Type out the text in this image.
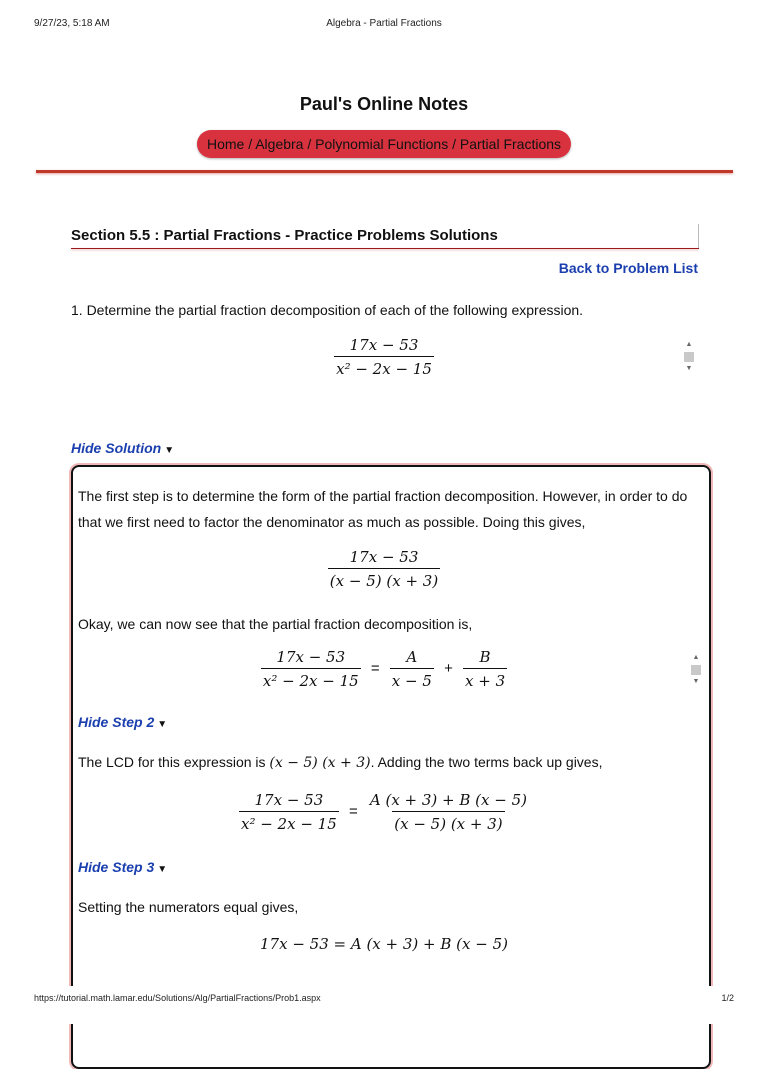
9/27/23, 5:18 AM	Algebra - Partial Fractions
Paul's Online Notes
Home / Algebra / Polynomial Functions / Partial Fractions
Section 5.5 : Partial Fractions - Practice Problems Solutions
Back to Problem List
1. Determine the partial fraction decomposition of each of the following expression.
$\frac{17x - 53}{\text{x² − 2x − 15}}$	▲
▼
Hide Solution ▼
The first step is to determine the form of the partial fraction decomposition. However, in order to do that we first need to factor the denominator as much as possible. Doing this gives,
$\frac{17x - 53}{(x - 5) (x + 3)}$
Okay, we can now see that the partial fraction decomposition is,
$\frac{17x - 53}{\text{x² − 2x − 15}} = \frac{A}{x - 5} + \frac{B}{x + 3}$	▲
▼
Hide Step 2 ▼
The LCD for this expression is (x − 5) (x + 3). Adding the two terms back up gives,
$\frac{17x - 53}{\text{x² − 2x − 15}} = \frac{A (x + 3) + B (x - 5)}{(x - 5) (x + 3)}$
Hide Step 3 ▼
Setting the numerators equal gives,
17x − 53 = A (x + 3) + B (x − 5)
https://tutorial.math.lamar.edu/Solutions/Alg/PartialFractions/Prob1.aspx	1/2
